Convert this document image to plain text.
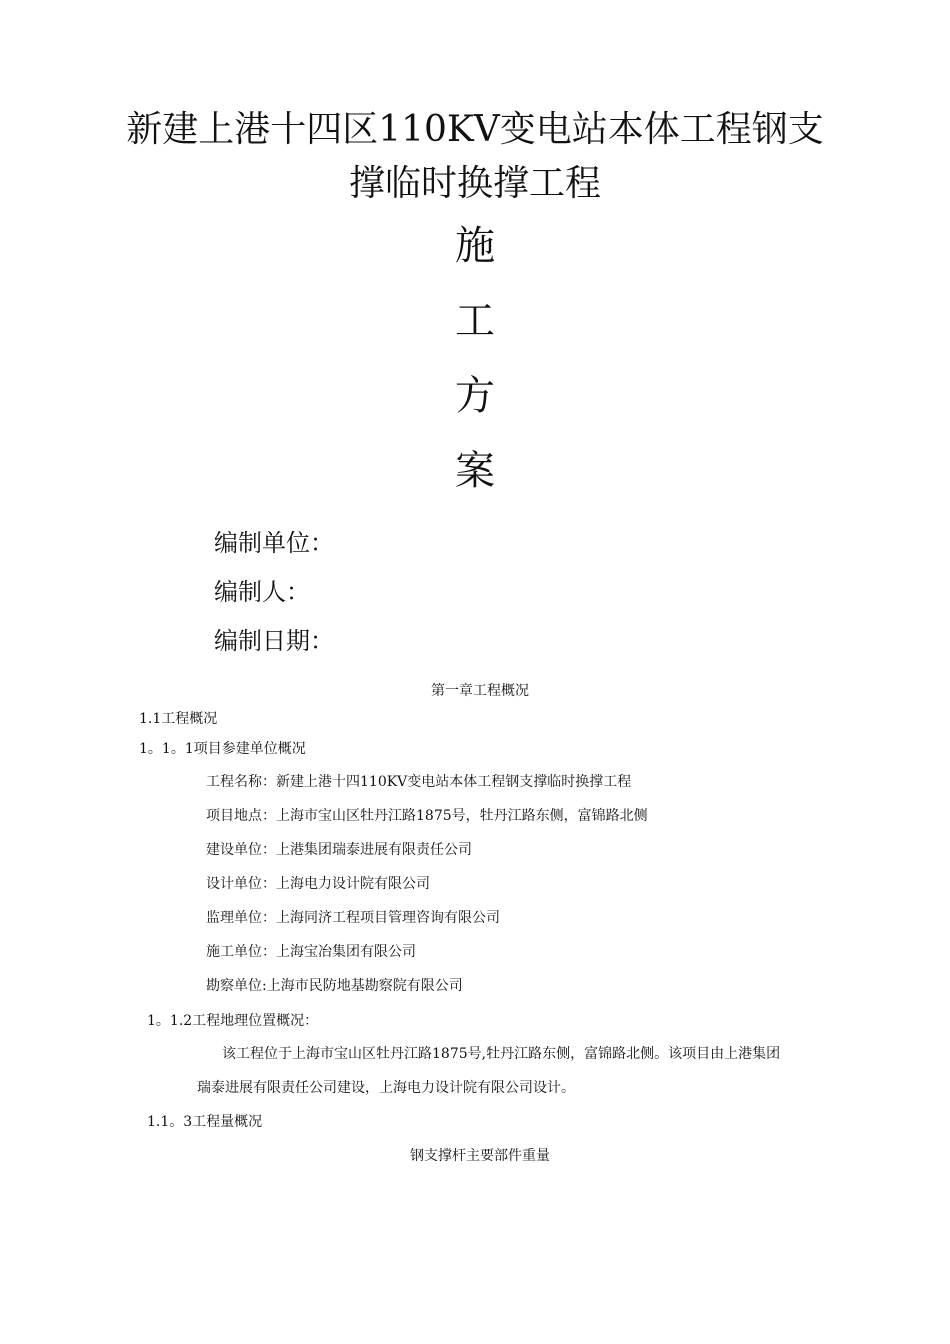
新建上港十四区110KV变电站本体工程钢支
撑临时换撑工程
施
工
方
案
编制单位：
编制人：
编制日期：
第一章工程概况
1.1工程概况
1。1。1项目参建单位概况
工程名称：新建上港十四110KV变电站本体工程钢支撑临时换撑工程
项目地点：上海市宝山区牡丹江路1875号，牡丹江路东侧，富锦路北侧
建设单位：上港集团瑞泰进展有限责任公司
设计单位：上海电力设计院有限公司
监理单位：上海同济工程项目管理咨询有限公司
施工单位：上海宝冶集团有限公司
勘察单位:上海市民防地基勘察院有限公司
1。1.2工程地理位置概况：
该工程位于上海市宝山区牡丹江路1875号,牡丹江路东侧，富锦路北侧。该项目由上港集团
瑞泰进展有限责任公司建设，上海电力设计院有限公司设计。
1.1。3工程量概况
钢支撑杆主要部件重量
